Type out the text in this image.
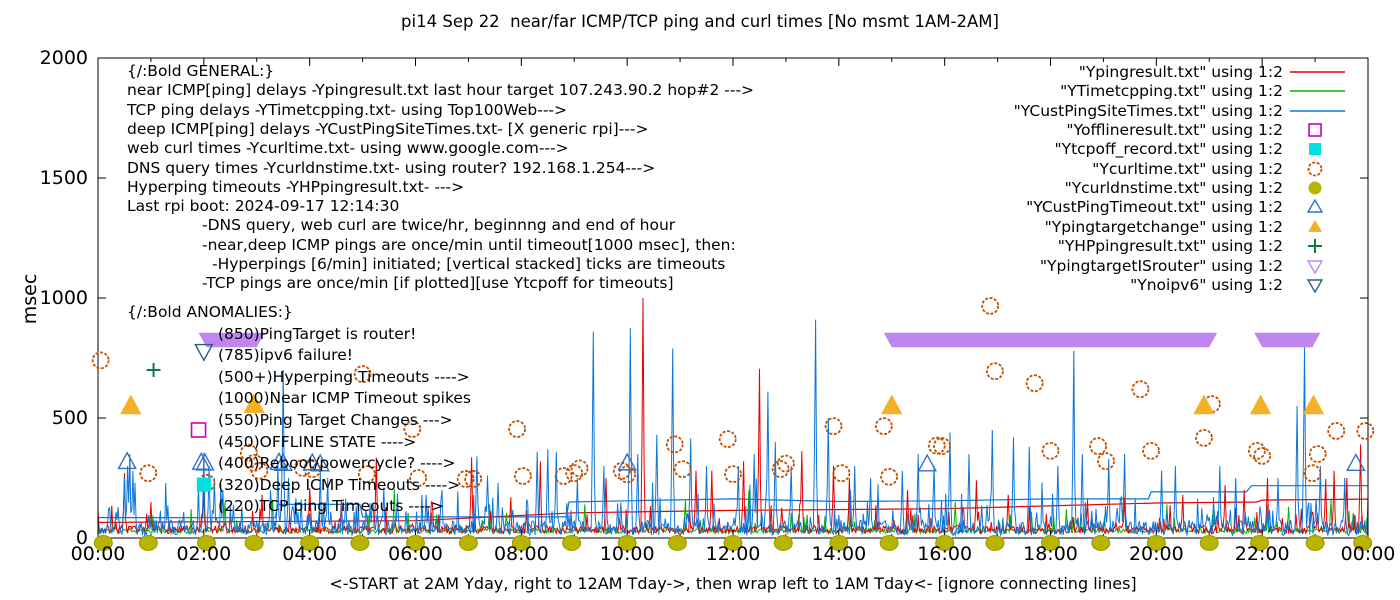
pi14 Sep 22  near/far ICMP/TCP ping and curl times [No msmt 1AM-2AM]
<-START at 2AM Yday, right to 12AM Tday->, then wrap left to 1AM Tday<- [ignore connecting lines]
msec
00:00	02:00	04:00	06:00	08:00	10:00	12:00	14:00	16:00	18:00	20:00	22:00	00:00
0
500
1000
1500
2000
{/:Bold GENERAL:}
near ICMP[ping] delays -Ypingresult.txt last hour target 107.243.90.2 hop#2 --->
TCP ping delays -YTimetcpping.txt- using Top100Web--->
deep ICMP[ping] delays -YCustPingSiteTimes.txt- [X generic rpi]--->
web curl times -Ycurltime.txt- using www.google.com--->
DNS query times -Ycurldnstime.txt- using router? 192.168.1.254--->
Hyperping timeouts -YHPpingresult.txt- --->
Last rpi boot: 2024-09-17 12:14:30
-DNS query, web curl are twice/hr, beginnng and end of hour
-near,deep ICMP pings are once/min until timeout[1000 msec], then:
-Hyperpings [6/min] initiated; [vertical stacked] ticks are timeouts
-TCP pings are once/min [if plotted][use Ytcpoff for timeouts]
{/:Bold ANOMALIES:}
(850)PingTarget is router!
(785)ipv6 failure!
(500+)Hyperping Timeouts ---->
(1000)Near ICMP Timeout spikes
(550)Ping Target Changes --->
(450)OFFLINE STATE ---->
(400)Reboot/powercycle? ---->
(320)Deep ICMP Timeouts ---->
(220)TCP ping Timeouts ---->
"Ypingresult.txt" using 1:2
"YTimetcpping.txt" using 1:2
"YCustPingSiteTimes.txt" using 1:2
"Yofflineresult.txt" using 1:2
"Ytcpoff_record.txt" using 1:2
"Ycurltime.txt" using 1:2
"Ycurldnstime.txt" using 1:2
"YCustPingTimeout.txt" using 1:2
"Ypingtargetchange" using 1:2
"YHPpingresult.txt" using 1:2
"YpingtargetISrouter" using 1:2
"Ynoipv6" using 1:2
